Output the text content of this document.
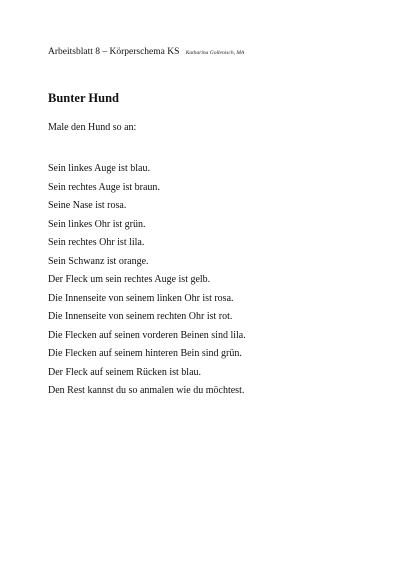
Arbeitsblatt 8 – Körperschema KS Katharina Gollenisch, MA
Bunter Hund

Male den Hund so an:

Sein linkes Auge ist blau.
Sein rechtes Auge ist braun.
Seine Nase ist rosa.
Sein linkes Ohr ist grün.
Sein rechtes Ohr ist lila.
Sein Schwanz ist orange.
Der Fleck um sein rechtes Auge ist gelb.
Die Innenseite von seinem linken Ohr ist rosa.
Die Innenseite von seinem rechten Ohr ist rot.
Die Flecken auf seinen vorderen Beinen sind lila.
Die Flecken auf seinem hinteren Bein sind grün.
Der Fleck auf seinem Rücken ist blau.
Den Rest kannst du so anmalen wie du möchtest.
